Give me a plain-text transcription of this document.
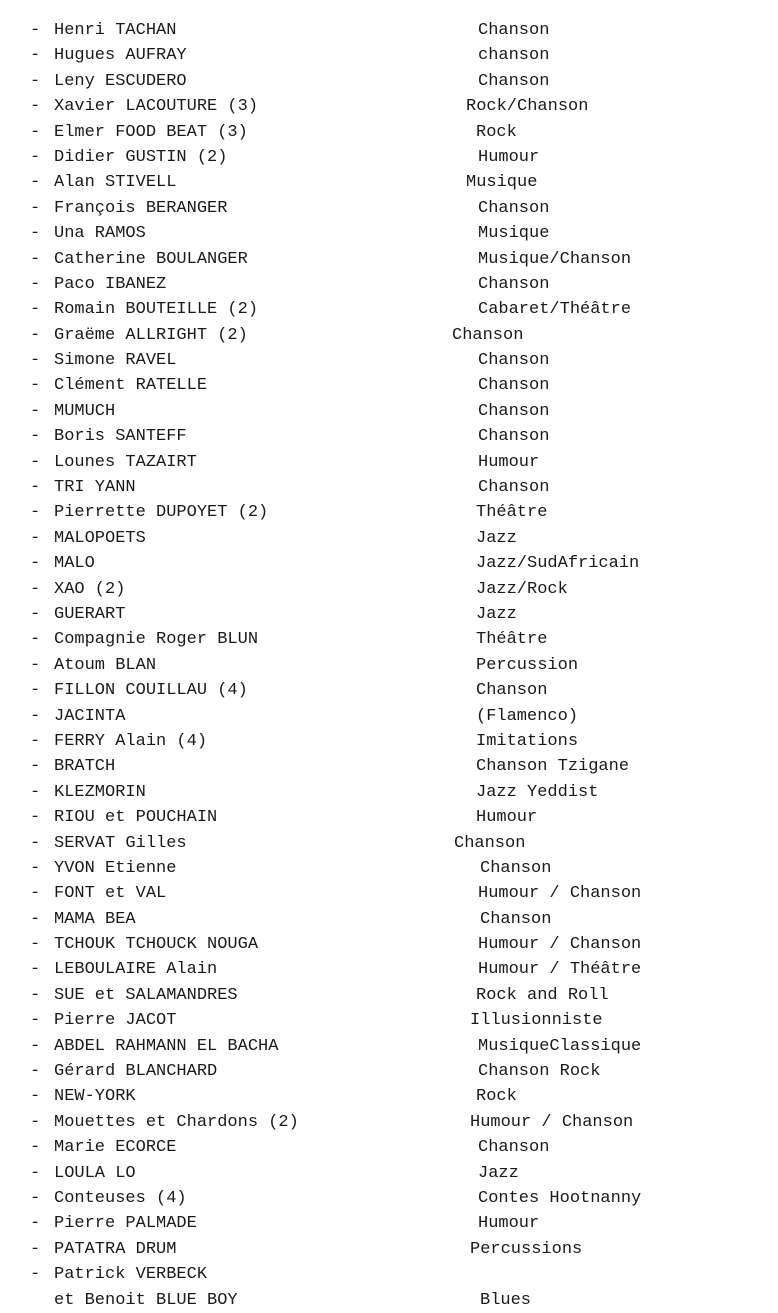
- Henri TACHAN	Chanson
- Hugues AUFRAY	chanson
- Leny ESCUDERO	Chanson
- Xavier LACOUTURE (3)	Rock/Chanson
- Elmer FOOD BEAT (3)	Rock
- Didier GUSTIN (2)	Humour
- Alan STIVELL	Musique
- François BERANGER	Chanson
- Una RAMOS	Musique
- Catherine BOULANGER	Musique/Chanson
- Paco IBANEZ	Chanson
- Romain BOUTEILLE (2)	Cabaret/Théâtre
- Graëme ALLRIGHT (2)	Chanson
- Simone RAVEL	Chanson
- Clément RATELLE	Chanson
- MUMUCH	Chanson
- Boris SANTEFF	Chanson
- Lounes TAZAIRT	Humour
- TRI YANN	Chanson
- Pierrette DUPOYET (2)	Théâtre
- MALOPOETS	Jazz
- MALO	Jazz/SudAfricain
- XAO (2)	Jazz/Rock
- GUERART	Jazz
- Compagnie Roger BLUN	Théâtre
- Atoum BLAN	Percussion
- FILLON COUILLAU (4)	Chanson
- JACINTA	(Flamenco)
- FERRY Alain (4)	Imitations
- BRATCH	Chanson Tzigane
- KLEZMORIN	Jazz Yeddist
- RIOU et POUCHAIN	Humour
- SERVAT Gilles	Chanson
- YVON Etienne	Chanson
- FONT et VAL	Humour / Chanson
- MAMA BEA	Chanson
- TCHOUK TCHOUCK NOUGA	Humour / Chanson
- LEBOULAIRE Alain	Humour / Théâtre
- SUE et SALAMANDRES	Rock and Roll
- Pierre JACOT	Illusionniste
- ABDEL RAHMANN EL BACHA	MusiqueClassique
- Gérard BLANCHARD	Chanson Rock
- NEW-YORK	Rock
- Mouettes et Chardons (2)	Humour / Chanson
- Marie ECORCE	Chanson
- LOULA LO	Jazz
- Conteuses (4)	Contes Hootnanny
- Pierre PALMADE	Humour
- PATATRA DRUM	Percussions
- Patrick VERBECK
et Benoit BLUE BOY	Blues
